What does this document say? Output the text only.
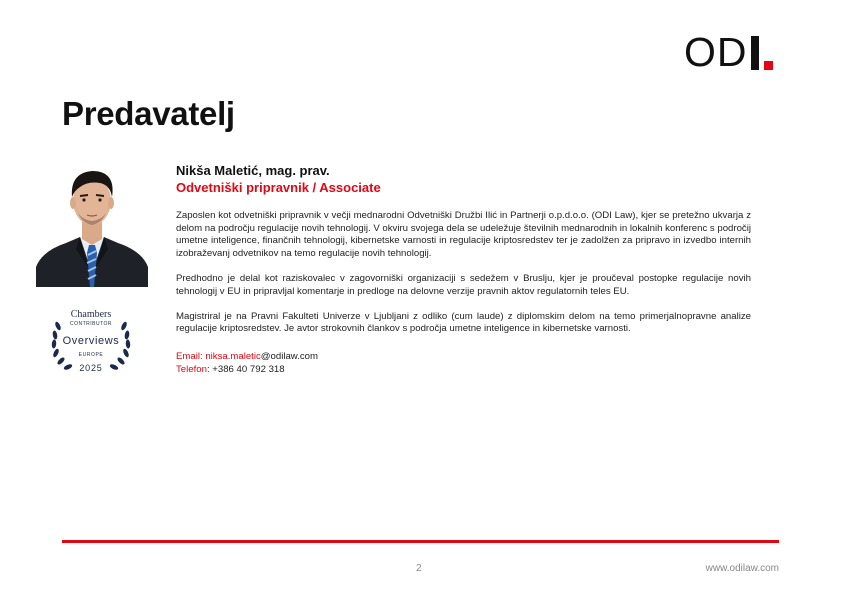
OD
Predavatelj
Chambers
CONTRIBUTOR
Overviews
EUROPE
2025
Nikša Maletić, mag. prav.
Odvetniški pripravnik / Associate

Zaposlen kot odvetniški pripravnik v večji mednarodni Odvetniški Družbi Ilić in Partnerji o.p.d.o.o. (ODI Law), kjer se pretežno ukvarja z delom na področju regulacije novih tehnologij. V okviru svojega dela se udeležuje številnih mednarodnih in lokalnih konferenc s področij umetne inteligence, finančnih tehnologij, kibernetske varnosti in regulacije kriptosredstev ter je zadolžen za pripravo in izvedbo internih izobraževanj odvetnikov na temo regulacije novih tehnologij.

Predhodno je delal kot raziskovalec v zagovorniški organizaciji s sedežem v Bruslju, kjer je proučeval postopke regulacije novih tehnologij v EU in pripravljal komentarje in predloge na delovne verzije pravnih aktov regulatornih teles EU.

Magistriral je na Pravni Fakulteti Univerze v Ljubljani z odliko (cum laude) z diplomskim delom na temo primerjalnopravne analize regulacije kriptosredstev. Je avtor strokovnih člankov s področja umetne inteligence in kibernetske varnosti.

Email: niksa.maletic@odilaw.com
Telefon: +386 40 792 318
2	www.odilaw.com
